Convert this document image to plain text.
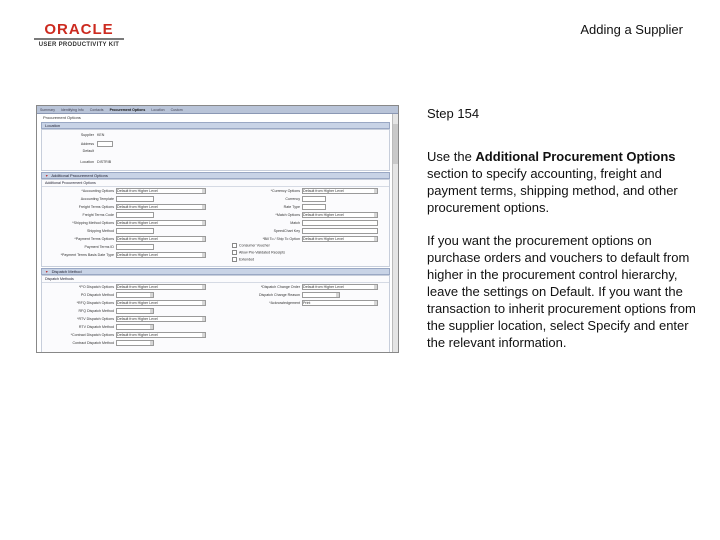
ORACLE
USER PRODUCTIVITY KIT
Adding a Supplier
Summary Identifying Info Contacts Procurement Options Location Custom
Procurement Options
Location
Supplier KEN
Address
Default
Location DISTRIB
▼ Additional Procurement Options
Additional Procurement Options
*Accounting Options Default from Higher Level
Accounting Template
Freight Terms Options Default from Higher Level
Freight Terms Code
*Shipping Method Options Default from Higher Level
Shipping Method
*Payment Terms Options Default from Higher Level
Payment Terms ID
*Payment Terms Basis Date Type Default from Higher Level
*Currency Options Default from Higher Level
Currency
Rate Type
*Match Options Default from Higher Level
Match
SpeedChart Key
*Bill To / Ship To Option Default from Higher Level
Consumer Voucher
Allow Pre-Validated Receipts
Extended
▼ Dispatch Method
Dispatch Methods
*PO Dispatch Options Default from Higher Level
PO Dispatch Method
*RFQ Dispatch Options Default from Higher Level
RFQ Dispatch Method
*RTV Dispatch Options Default from Higher Level
RTV Dispatch Method
*Contract Dispatch Options Default from Higher Level
Contract Dispatch Method
*Dispatch Change Order Default from Higher Level
Dispatch Change Reason
*Acknowledgement Print
Step 154

Use the Additional Procurement Options section to specify accounting, freight and payment terms, shipping method, and other procurement options.

If you want the procurement options on purchase orders and vouchers to default from higher in the procurement control hierarchy, leave the settings on Default. If you want the transaction to inherit procurement options from the supplier location, select Specify and enter the relevant information.
